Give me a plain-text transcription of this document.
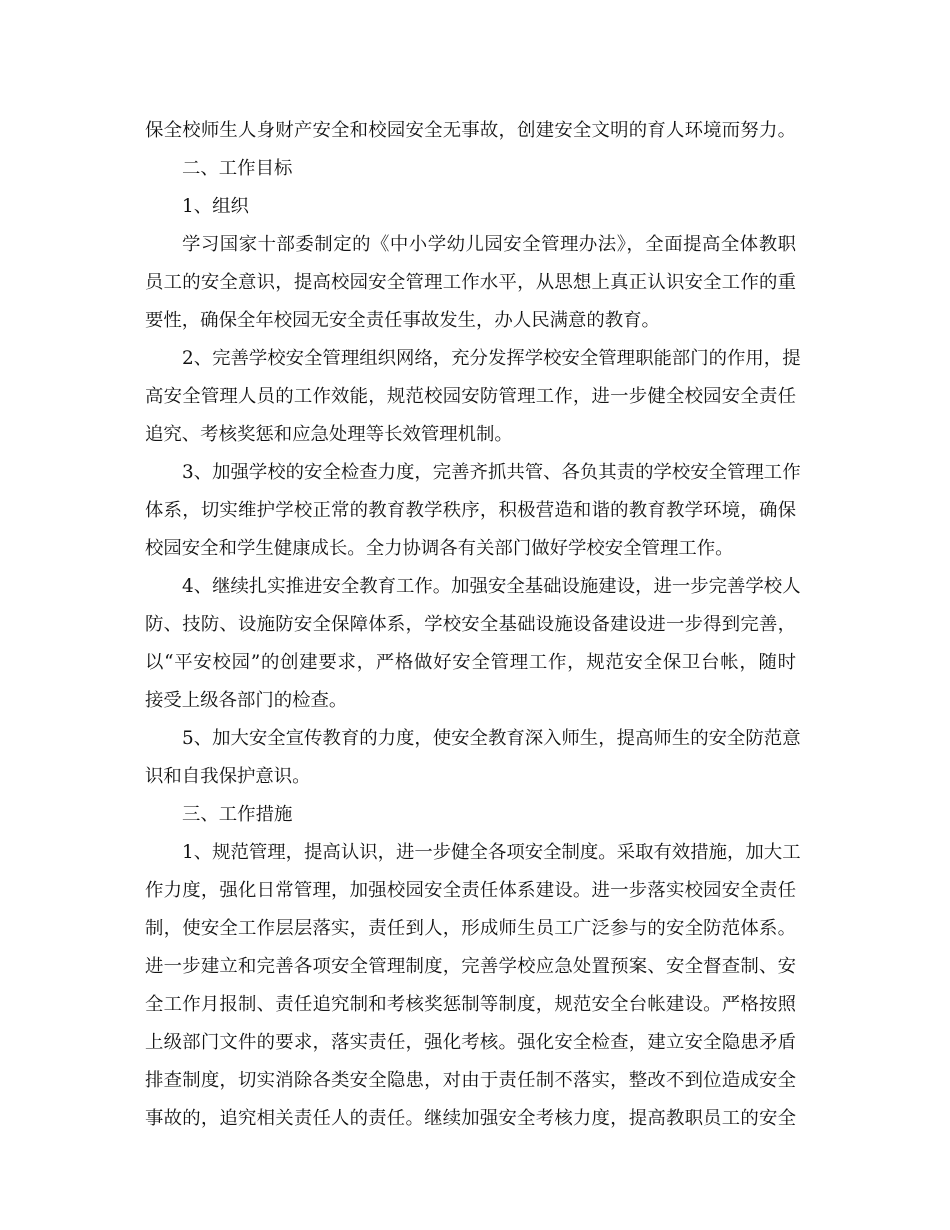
保全校师生人身财产安全和校园安全无事故，创建安全文明的育人环境而努力。
二、工作目标
1、组织
学习国家十部委制定的《中小学幼儿园安全管理办法》，全面提高全体教职
员工的安全意识，提高校园安全管理工作水平，从思想上真正认识安全工作的重
要性，确保全年校园无安全责任事故发生，办人民满意的教育。
2、完善学校安全管理组织网络，充分发挥学校安全管理职能部门的作用，提
高安全管理人员的工作效能，规范校园安防管理工作，进一步健全校园安全责任
追究、考核奖惩和应急处理等长效管理机制。
3、加强学校的安全检查力度，完善齐抓共管、各负其责的学校安全管理工作
体系，切实维护学校正常的教育教学秩序，积极营造和谐的教育教学环境，确保
校园安全和学生健康成长。全力协调各有关部门做好学校安全管理工作。
4、继续扎实推进安全教育工作。加强安全基础设施建设，进一步完善学校人
防、技防、设施防安全保障体系，学校安全基础设施设备建设进一步得到完善，
以“平安校园”的创建要求，严格做好安全管理工作，规范安全保卫台帐，随时
接受上级各部门的检查。
5、加大安全宣传教育的力度，使安全教育深入师生，提高师生的安全防范意
识和自我保护意识。
三、工作措施
1、规范管理，提高认识，进一步健全各项安全制度。采取有效措施，加大工
作力度，强化日常管理，加强校园安全责任体系建设。进一步落实校园安全责任
制，使安全工作层层落实，责任到人，形成师生员工广泛参与的安全防范体系。
进一步建立和完善各项安全管理制度，完善学校应急处置预案、安全督查制、安
全工作月报制、责任追究制和考核奖惩制等制度，规范安全台帐建设。严格按照
上级部门文件的要求，落实责任，强化考核。强化安全检查，建立安全隐患矛盾
排查制度，切实消除各类安全隐患，对由于责任制不落实，整改不到位造成安全
事故的，追究相关责任人的责任。继续加强安全考核力度，提高教职员工的安全
